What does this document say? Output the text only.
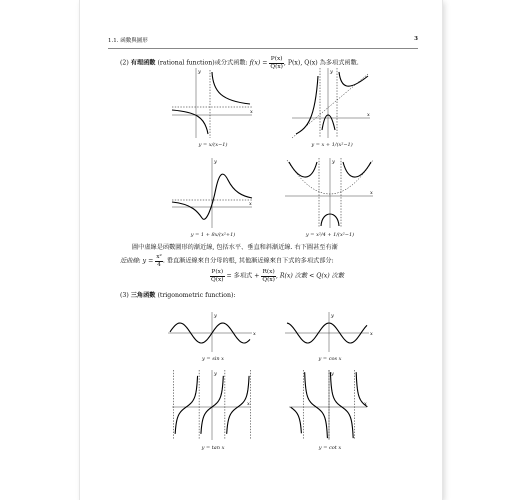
1.1. 函數與圖形	3
(2) 有理函數 (rational function)或分式函數: $f(x) = \frac{P(x)}{Q(x)}$ , P(x), Q(x) 為多項式函數.
y
x
y = x/(x−1)
y
x
y = x + 1/(x²−1)
y
x
y = 1 + 8x/(x²+1)
y
x
y = x²/4 + 1/(x²−1)
圖中虛線是函數圖形的漸近線, 包括水平、垂直和斜漸近線. 右下圖甚至有漸
近曲線: $y = \frac{\text{x²}}{4}$ . 垂直漸近線來自分母的根, 其他漸近線來自下式的多項式部分:
$\frac{P(x)}{Q(x)}$ = 多項式 + $\frac{R(x)}{Q(x)}$ , R(x) 次數 < Q(x) 次數
(3) 三角函數 (trigonometric function):
y
x
y = sin x
y
x
y = cos x
y
x
y = tan x
y
x
y = cot x
